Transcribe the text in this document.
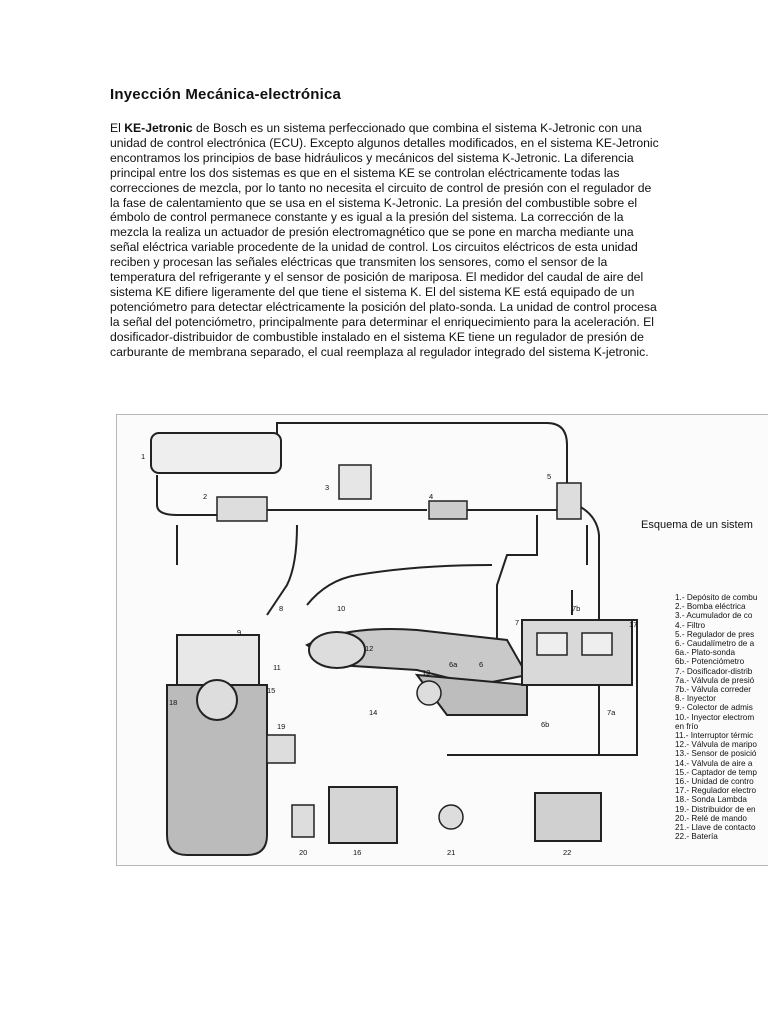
Inyección Mecánica-electrónica
El KE-Jetronic de Bosch es un sistema perfeccionado que combina el sistema K-Jetronic con una unidad de control electrónica (ECU). Excepto algunos detalles modificados, en el sistema KE-Jetronic encontramos los principios de base hidráulicos y mecánicos del sistema K-Jetronic. La diferencia principal entre los dos sistemas es que en el sistema KE se controlan eléctricamente todas las correcciones de mezcla, por lo tanto no necesita el circuito de control de presión con el regulador de la fase de calentamiento que se usa en el sistema K-Jetronic. La presión del combustible sobre el émbolo de control permanece constante y es igual a la presión del sistema. La corrección de la mezcla la realiza un actuador de presión electromagnético que se pone en marcha mediante una señal eléctrica variable procedente de la unidad de control. Los circuitos eléctricos de esta unidad reciben y procesan las señales eléctricas que transmiten los sensores, como el sensor de la temperatura del refrigerante y el sensor de posición de mariposa. El medidor del caudal de aire del sistema KE difiere ligeramente del que tiene el sistema K. El del sistema KE está equipado de un potenciómetro para detectar eléctricamente la posición del plato-sonda. La unidad de control procesa la señal del potenciómetro, principalmente para determinar el enriquecimiento para la aceleración. El dosificador-distribuidor de combustible instalado en el sistema KE tiene un regulador de presión de carburante de membrana separado, el cual reemplaza al regulador integrado del sistema K-jetronic.
1
2
3
4
5
6
6a
6b
7
7a
7b
8
9
10
11
12
13
14
15
16
17
18
19
20	21	22
Esquema de un sistem
1.- Depósito de combu
2.- Bomba eléctrica
3.- Acumulador de co
4.- Filtro
5.- Regulador de pres
6.- Caudalímetro de a
6a.- Plato-sonda
6b.- Potenciómetro
7.- Dosificador-distrib
7a.- Válvula de presió
7b.- Válvula correder
8.- Inyector
9.- Colector de admis
10.- Inyector electrom
en frío
11.- Interruptor térmic
12.- Válvula de maripo
13.- Sensor de posició
14.- Válvula de aire a
15.- Captador de temp
16.- Unidad de contro
17.- Regulador electro
18.- Sonda Lambda
19.- Distribuidor de en
20.- Relé de mando
21.- Llave de contacto
22.- Batería
